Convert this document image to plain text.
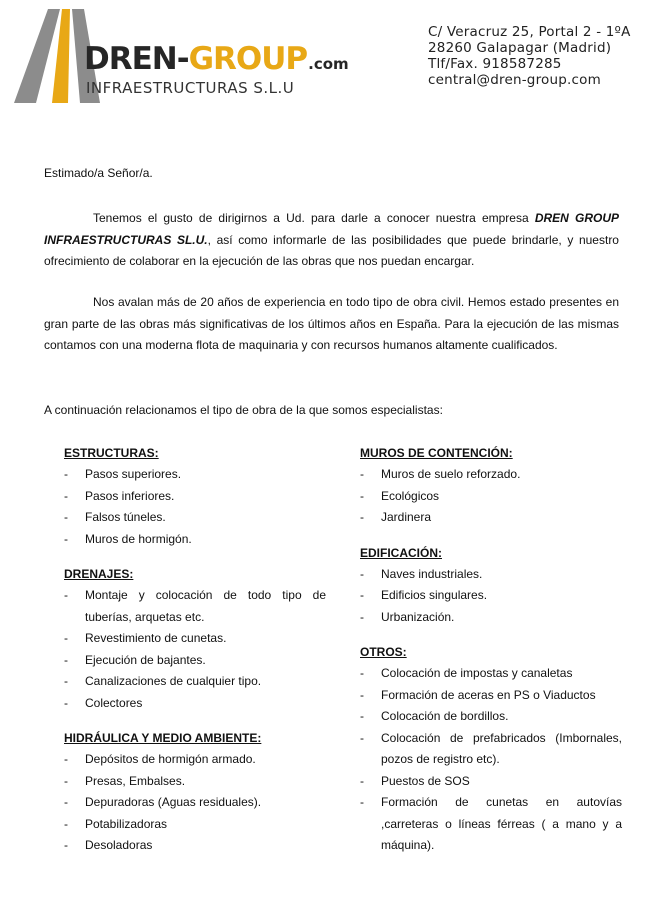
DREN-GROUP.com
INFRAESTRUCTURAS S.L.U
C/ Veracruz 25, Portal 2 - 1ºA
28260 Galapagar (Madrid)
Tlf/Fax. 918587285
central@dren-group.com
Estimado/a Señor/a.

Tenemos el gusto de dirigirnos a Ud. para darle a conocer nuestra empresa DREN GROUP INFRAESTRUCTURAS SL.U., así como informarle de las posibilidades que puede brindarle, y nuestro ofrecimiento de colaborar en la ejecución de las obras que nos puedan encargar.

Nos avalan más de 20 años de experiencia en todo tipo de obra civil. Hemos estado presentes en gran parte de las obras más significativas de los últimos años en España. Para la ejecución de las mismas contamos con una moderna flota de maquinaria y con recursos humanos altamente cualificados.

A continuación relacionamos el tipo de obra de la que somos especialistas:

ESTRUCTURAS:
- Pasos superiores.
- Pasos inferiores.
- Falsos túneles.
- Muros de hormigón.
DRENAJES:
- Montaje y colocación de todo tipo de tuberías, arquetas etc.
- Revestimiento de cunetas.
- Ejecución de bajantes.
- Canalizaciones de cualquier tipo.
- Colectores
HIDRÁULICA Y MEDIO AMBIENTE:
- Depósitos de hormigón armado.
- Presas, Embalses.
- Depuradoras (Aguas residuales).
- Potabilizadoras
- Desoladoras
MUROS DE CONTENCIÓN:
- Muros de suelo reforzado.
- Ecológicos
- Jardinera
EDIFICACIÓN:
- Naves industriales.
- Edificios singulares.
- Urbanización.
OTROS:
- Colocación de impostas y canaletas
- Formación de aceras en PS o Viaductos
- Colocación de bordillos.
- Colocación de prefabricados (Imbornales, pozos de registro etc).
- Puestos de SOS
- Formación de cunetas en autovías ,carreteras o líneas férreas ( a mano y a máquina).
